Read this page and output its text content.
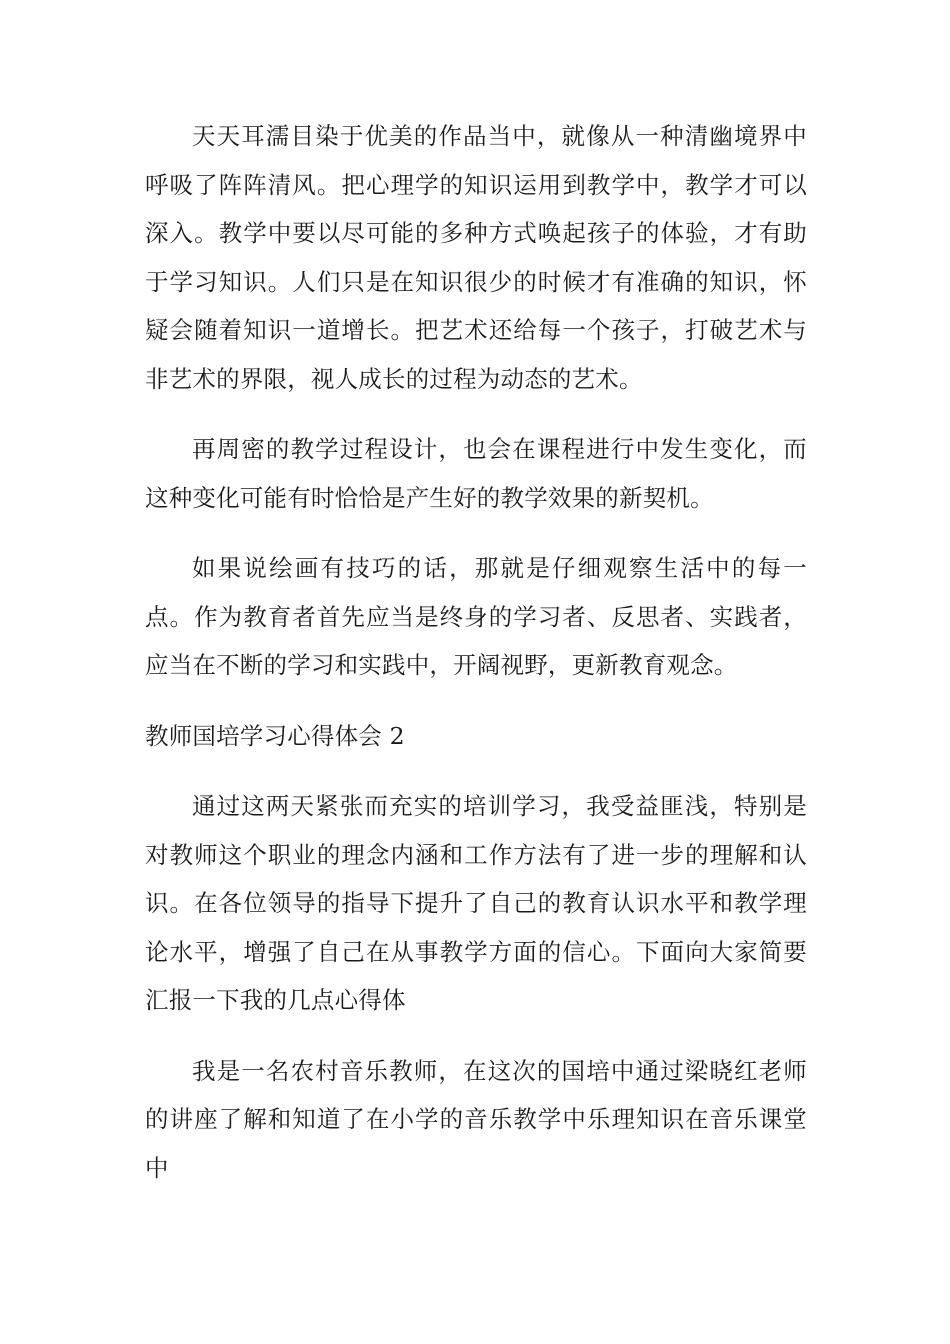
天天耳濡目染于优美的作品当中，就像从一种清幽境界中呼吸了阵阵清风。把心理学的知识运用到教学中，教学才可以深入。教学中要以尽可能的多种方式唤起孩子的体验，才有助于学习知识。人们只是在知识很少的时候才有准确的知识，怀疑会随着知识一道增长。把艺术还给每一个孩子，打破艺术与非艺术的界限，视人成长的过程为动态的艺术。

再周密的教学过程设计，也会在课程进行中发生变化，而这种变化可能有时恰恰是产生好的教学效果的新契机。

如果说绘画有技巧的话，那就是仔细观察生活中的每一点。作为教育者首先应当是终身的学习者、反思者、实践者，应当在不断的学习和实践中，开阔视野，更新教育观念。

教师国培学习心得体会 2

通过这两天紧张而充实的培训学习，我受益匪浅，特别是对教师这个职业的理念内涵和工作方法有了进一步的理解和认识。在各位领导的指导下提升了自己的教育认识水平和教学理论水平，增强了自己在从事教学方面的信心。下面向大家简要汇报一下我的几点心得体

我是一名农村音乐教师，在这次的国培中通过梁晓红老师的讲座了解和知道了在小学的音乐教学中乐理知识在音乐课堂中
